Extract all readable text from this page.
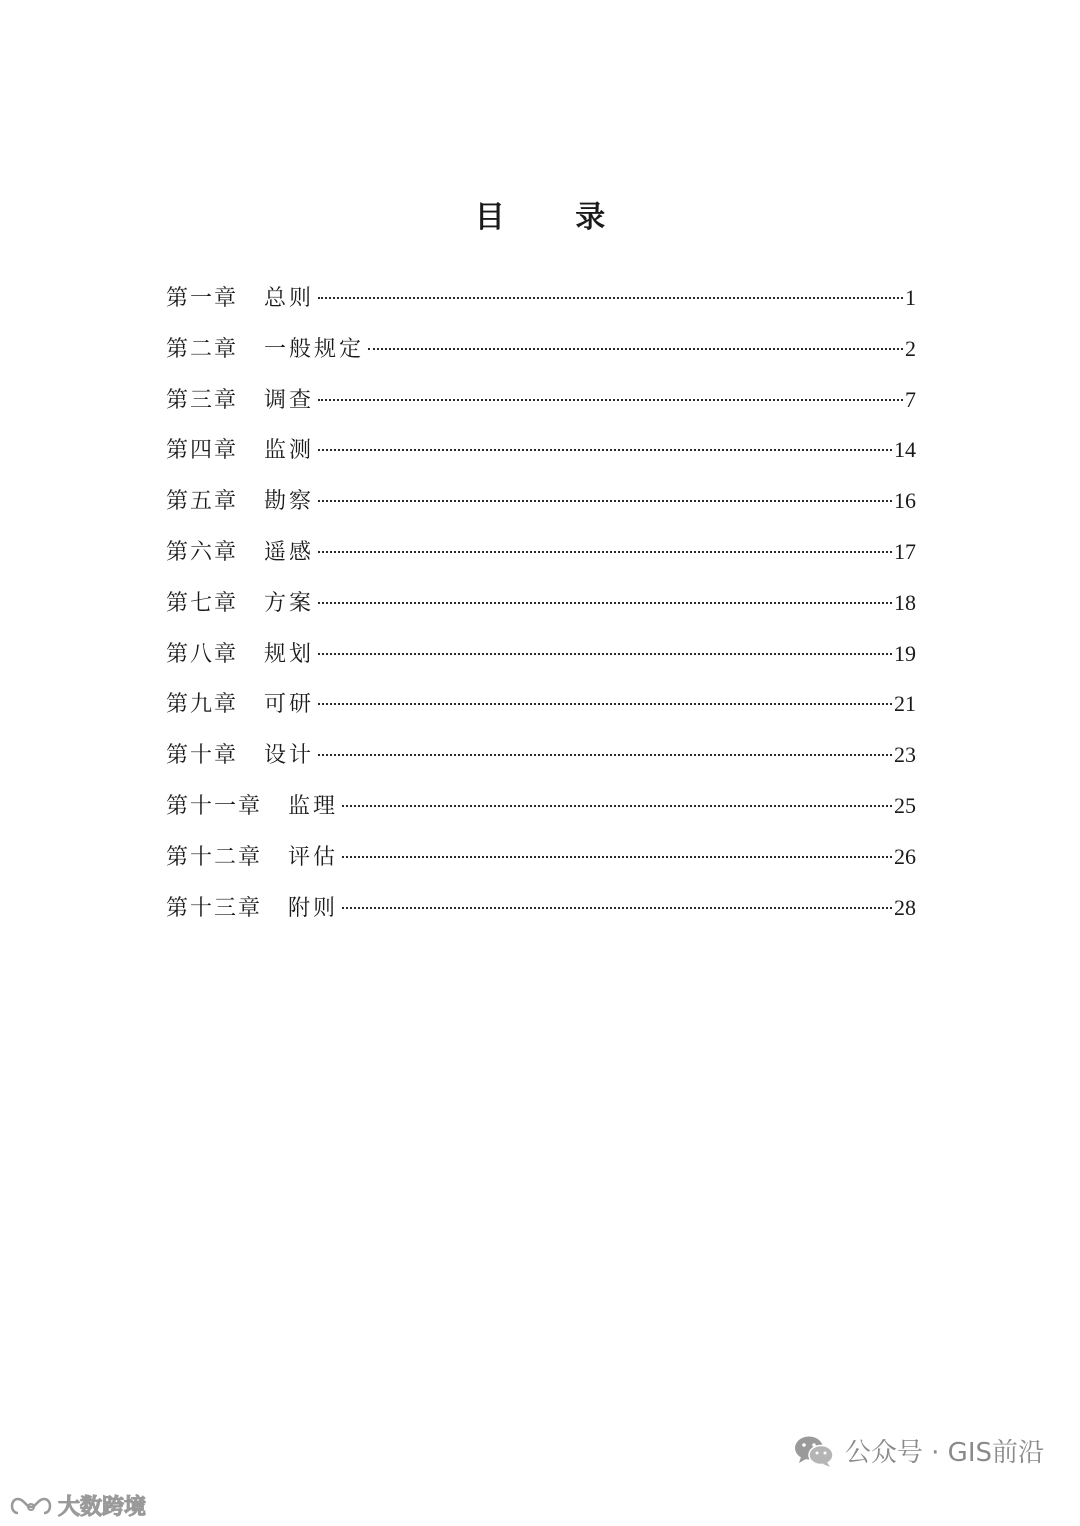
目 录
第一章 总则	1
第二章 一般规定	2
第三章 调查	7
第四章 监测	14
第五章 勘察	16
第六章 遥感	17
第七章 方案	18
第八章 规划	19
第九章 可研	21
第十章 设计	23
第十一章 监理	25
第十二章 评估	26
第十三章 附则	28
公众号 · GIS前沿
大数跨境
